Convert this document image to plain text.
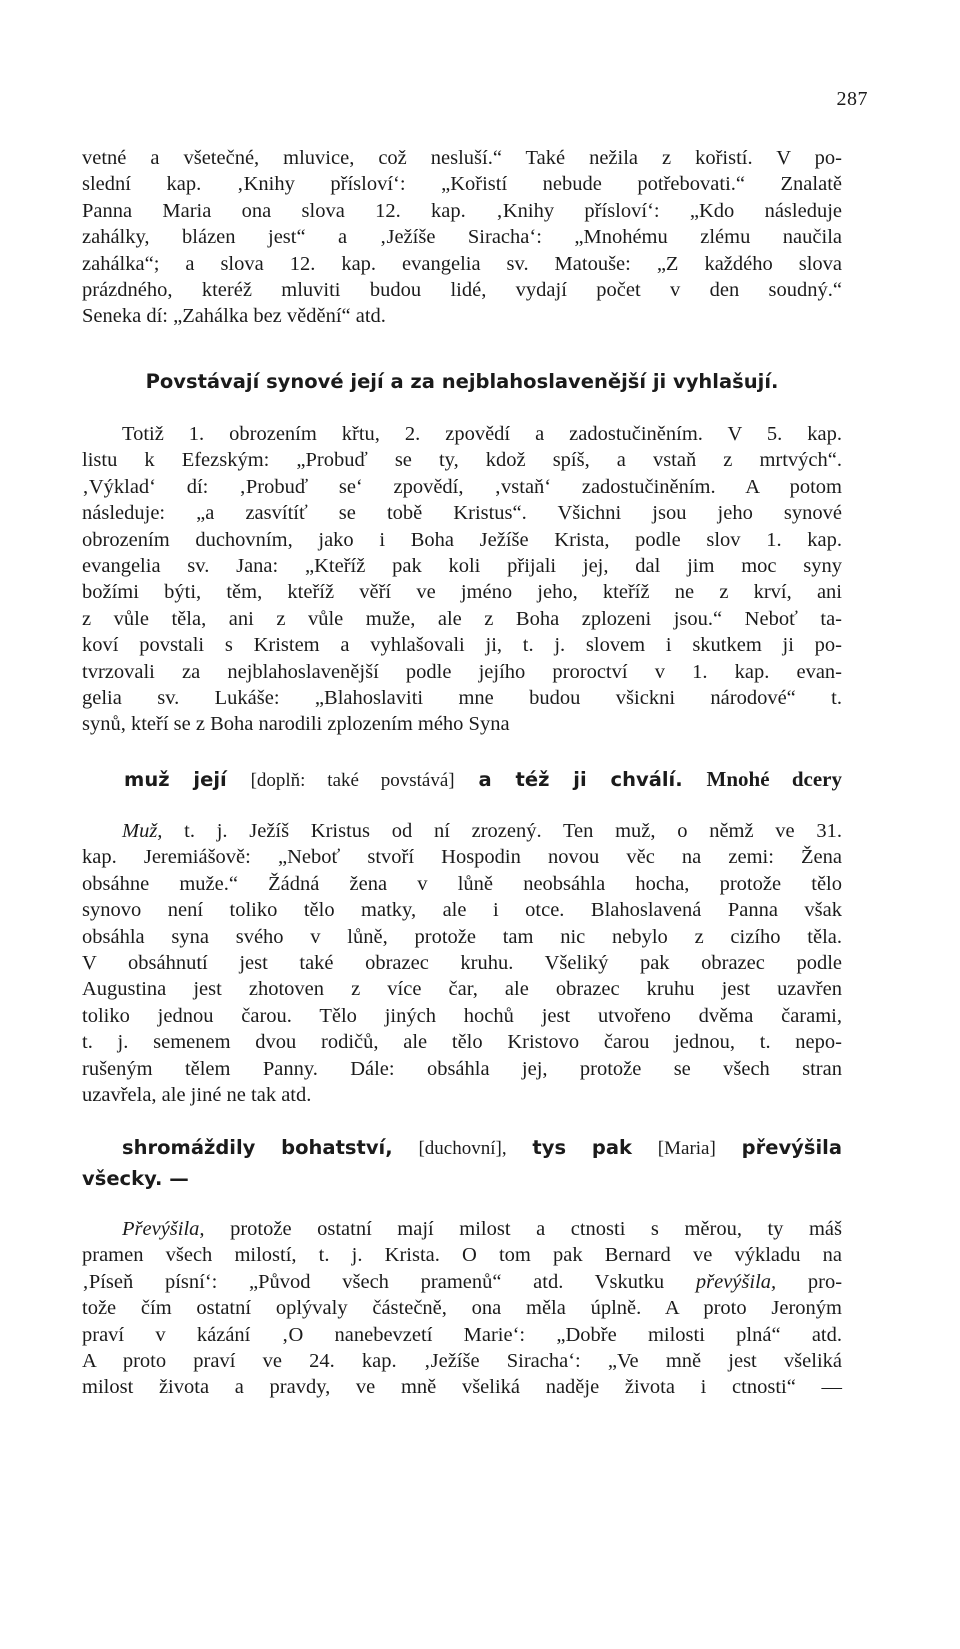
287

vetné a všetečné, mluvice, což nesluší.“ Také nežila z kořistí. V po-

slední kap. ‚Knihy přísloví‘: „Kořistí nebude potřebovati.“ Znalatě

Panna Maria ona slova 12. kap. ‚Knihy přísloví‘: „Kdo následuje

zahálky, blázen jest“ a ‚Ježíše Siracha‘: „Mnohému zlému naučila

zahálka“; a slova 12. kap. evangelia sv. Matouše: „Z každého slova

prázdného, kteréž mluviti budou lidé, vydají počet v den soudný.“

Seneka dí: „Zahálka bez vědění“ atd.

Povstávají synové její a za nejblahoslavenější ji vyhlašují.

Totiž 1. obrozením křtu, 2. zpovědí a zadostučiněním. V 5. kap.

listu k Efezským: „Probuď se ty, kdož spíš, a vstaň z mrtvých“.

‚Výklad‘ dí: ‚Probuď se‘ zpovědí, ‚vstaň‘ zadostučiněním. A potom

následuje: „a zasvítíť se tobě Kristus“. Všichni jsou jeho synové

obrozením duchovním, jako i Boha Ježíše Krista, podle slov 1. kap.

evangelia sv. Jana: „Kteříž pak koli přijali jej, dal jim moc syny

božími býti, těm, kteříž věří ve jméno jeho, kteříž ne z krví, ani

z vůle těla, ani z vůle muže, ale z Boha zplozeni jsou.“ Neboť ta-

koví povstali s Kristem a vyhlašovali ji, t. j. slovem i skutkem ji po-

tvrzovali za nejblahoslavenější podle jejího proroctví v 1. kap. evan-

gelia sv. Lukáše: „Blahoslaviti mne budou všickni národové“ t.

synů, kteří se z Boha narodili zplozením mého Syna

muž její [doplň: také povstává] a též ji chválí. Mnohé dcery

Muž, t. j. Ježíš Kristus od ní zrozený. Ten muž, o němž ve 31.

kap. Jeremiášově: „Neboť stvoří Hospodin novou věc na zemi: Žena

obsáhne muže.“ Žádná žena v lůně neobsáhla hocha, protože tělo

synovo není toliko tělo matky, ale i otce. Blahoslavená Panna však

obsáhla syna svého v lůně, protože tam nic nebylo z cizího těla.

V obsáhnutí jest také obrazec kruhu. Všeliký pak obrazec podle

Augustina jest zhotoven z více čar, ale obrazec kruhu jest uzavřen

toliko jednou čarou. Tělo jiných hochů jest utvořeno dvěma čarami,

t. j. semenem dvou rodičů, ale tělo Kristovo čarou jednou, t. nepo-

rušeným tělem Panny. Dále: obsáhla jej, protože se všech stran

uzavřela, ale jiné ne tak atd.

shromáždily bohatství, [duchovní], tys pak [Maria] převýšila

všecky. —

Převýšila, protože ostatní mají milost a ctnosti s měrou, ty máš

pramen všech milostí, t. j. Krista. O tom pak Bernard ve výkladu na

‚Píseň písní‘: „Původ všech pramenů“ atd. Vskutku převýšila, pro-

tože čím ostatní oplývaly částečně, ona měla úplně. A proto Jeroným

praví v kázání ‚O nanebevzetí Marie‘: „Dobře milosti plná“ atd.

A proto praví ve 24. kap. ‚Ježíše Siracha‘: „Ve mně jest všeliká

milost života a pravdy, ve mně všeliká naděje života i ctnosti“ —
